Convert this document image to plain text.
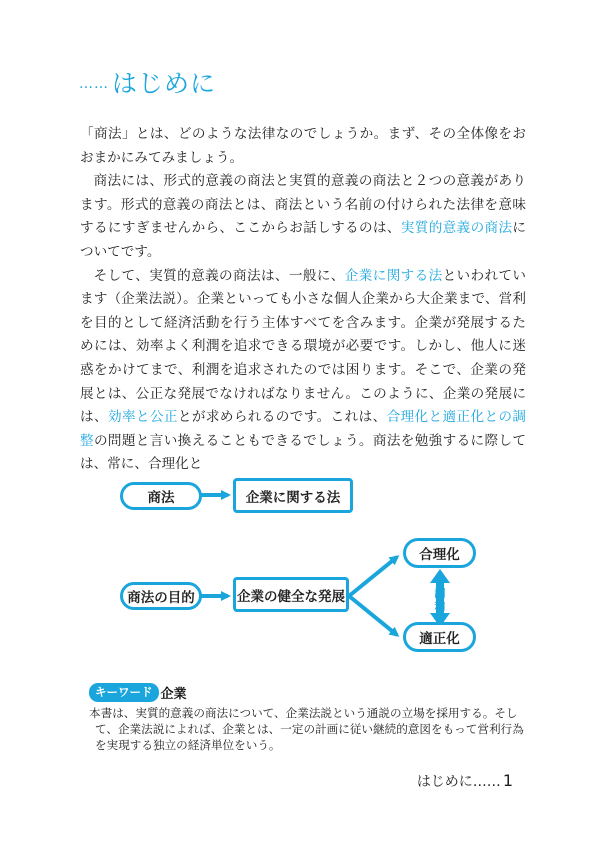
…… はじめに

「商法」とは、どのような法律なのでしょうか。まず、その全体像をおおまかにみてみましょう。

商法には、形式的意義の商法と実質的意義の商法と２つの意義があります。形式的意義の商法とは、商法という名前の付けられた法律を意味するにすぎませんから、ここからお話しするのは、実質的意義の商法についてです。

そして、実質的意義の商法は、一般に、企業に関する法といわれています（企業法説）。企業といっても小さな個人企業から大企業まで、営利を目的として経済活動を行う主体すべてを含みます。企業が発展するためには、効率よく利潤を追求できる環境が必要です。しかし、他人に迷惑をかけてまで、利潤を追求されたのでは困ります。そこで、企業の発展とは、公正な発展でなければなりません。このように、企業の発展には、効率と公正とが求められるのです。これは、合理化と適正化との調整の問題と言い換えることもできるでしょう。商法を勉強するに際しては、常に、合理化と

商法	企業に関する法
商法の目的	企業の健全な発展
合理化
適正化
調
和
キーワード 企業
本書は、実質的意義の商法について、企業法説という通説の立場を採用する。そして、企業法説によれば、企業とは、一定の計画に従い継続的意図をもって営利行為を実現する独立の経済単位をいう。
はじめに…… 1
